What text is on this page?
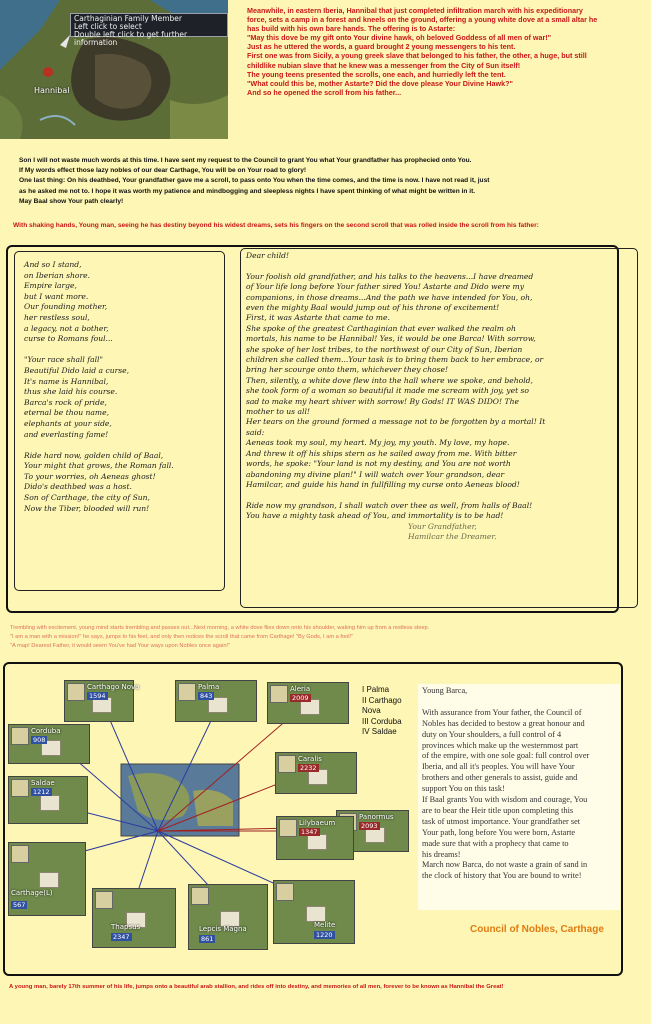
Carthaginian Family Member
Left click to select
Double left click to get further information
Hannibal
Meanwhile, in eastern Iberia, Hannibal that just completed infiltration march with his expeditionary
force, sets a camp in a forest and kneels on the ground, offering a young white dove at a small altar he
has build with his own bare hands. The offering is to Astarte:
"May this dove be my gift onto Your divine hawk, oh beloved Goddess of all men of war!"
Just as he uttered the words, a guard brought 2 young messengers to his tent.
First one was from Sicily, a young greek slave that belonged to his father, the other, a huge, but still
childlike nubian slave that he knew was a messenger from the City of Sun itself!
The young teens presented the scrolls, one each, and hurriedly left the tent.
"What could this be, mother Astarte? Did the dove please Your Divine Hawk?"
And so he opened the scroll from his father...
Son I will not waste much words at this time. I have sent my request to the Council to grant You what Your grandfather has prophecied onto You.
If My words effect those lazy nobles of our dear Carthage, You will be on Your road to glory!
One last thing: On his deathbed, Your grandfather gave me a scroll, to pass onto You when the time comes, and the time is now. I have not read it, just
as he asked me not to. I hope it was worth my patience and mindbogging and sleepless nights I have spent thinking of what might be written in it.
May Baal show Your path clearly!
With shaking hands, Young man, seeing he has destiny beyond his widest dreams, sets his fingers on the second scroll that was rolled inside the scroll from his father:
And so I stand,
on Iberian shore.
Empire large,
but I want more.
Our founding mother,
her restless soul,
a legacy, not a bother,
curse to Romans foul...
"Your race shall fall"
Beautiful Dido laid a curse,
It's name is Hannibal,
thus she laid his course.
Barca's rock of pride,
eternal be thou name,
elephants at your side,
and everlasting fame!
Ride hard now, golden child of Baal,
Your might that grows, the Roman fall.
To your worries, oh Aeneas ghost!
Dido's deathbed was a host.
Son of Carthage, the city of Sun,
Now the Tiber, blooded will run!
Dear child!
Your foolish old grandfather, and his talks to the heavens...I have dreamed
of Your life long before Your father sired You! Astarte and Dido were my
companions, in those dreams...And the path we have intended for You, oh,
even the mighty Baal would jump out of his throne of excitement!
First, it was Astarte that came to me.
She spoke of the greatest Carthaginian that ever walked the realm oh
mortals, his name to be Hannibal! Yes, it would be one Barca! With sorrow,
she spoke of her lost tribes, to the northwest of our City of Sun, Iberian
children she called them...Your task is to bring them back to her embrace, or
bring her scourge onto them, whichever they chose!
Then, silently, a white dove flew into the hall where we spoke, and behold,
she took form of a woman so beautiful it made me scream with joy, yet so
sad to make my heart shiver with sorrow! By Gods! IT WAS DIDO! The
mother to us all!
Her tears on the ground formed a message not to be forgotten by a mortal! It
said:
Aeneas took my soul, my heart. My joy, my youth. My love, my hope.
And threw it off his ships stern as he sailed away from me. With bitter
words, he spoke: "Your land is not my destiny, and You are not worth
abandoning my divine plan!" I will watch over Your grandson, dear
Hamilcar, and guide his hand in fullfilling my curse onto Aeneas blood!
Ride now my grandson, I shall watch over thee as well, from halls of Baal!
You have a mighty task ahead of You, and immortality is to be had!
Your Grandfather,
Hamilcar the Dreamer.
Trembling with excitement, young mind starts trembling and passes out...Next morning, a white dove flies down onto his shoulder, waking him up from a restless sleep.
"I am a man with a mission!" he says, jumps to his feet, and only then notices the scroll that came from Carthage! "By Gods, I am a fool!"
"A map! Dearest Father, it would seem You've had Your ways upon Nobles once again!"
Carthago Nova
1594
Palma
843
Aleria
2009
Corduba
908
Caralis
2232
Saldae
1212
Panormus
2093
Lilybaeum
1347
Carthage(L)
567
Thapsus
2347
Lepcis Magna
861
Melite
1220
I Palma
II Carthago
Nova
III Corduba
IV Saldae
Young Barca,
With assurance from Your father, the Council of
Nobles has decided to bestow a great honour and
duty on Your shoulders, a full control of 4
provinces which make up the westernmost part
of the empire, with one sole goal: full control over
Iberia, and all it's peoples. You will have Your
brothers and other generals to assist, guide and
support You on this task!
If Baal grants You with wisdom and courage, You
are to bear the Heir title upon completing this
task of utmost importance. Your grandfather set
Your path, long before You were born, Astarte
made sure that with a prophecy that came to
his dreams!
March now Barca, do not waste a grain of sand in
the clock of history that You are bound to write!
Council of Nobles, Carthage
A young man, barely 17th summer of his life, jumps onto a beautiful arab stallion, and rides off into destiny, and memories of all men, forever to be known as Hannibal the Great!
